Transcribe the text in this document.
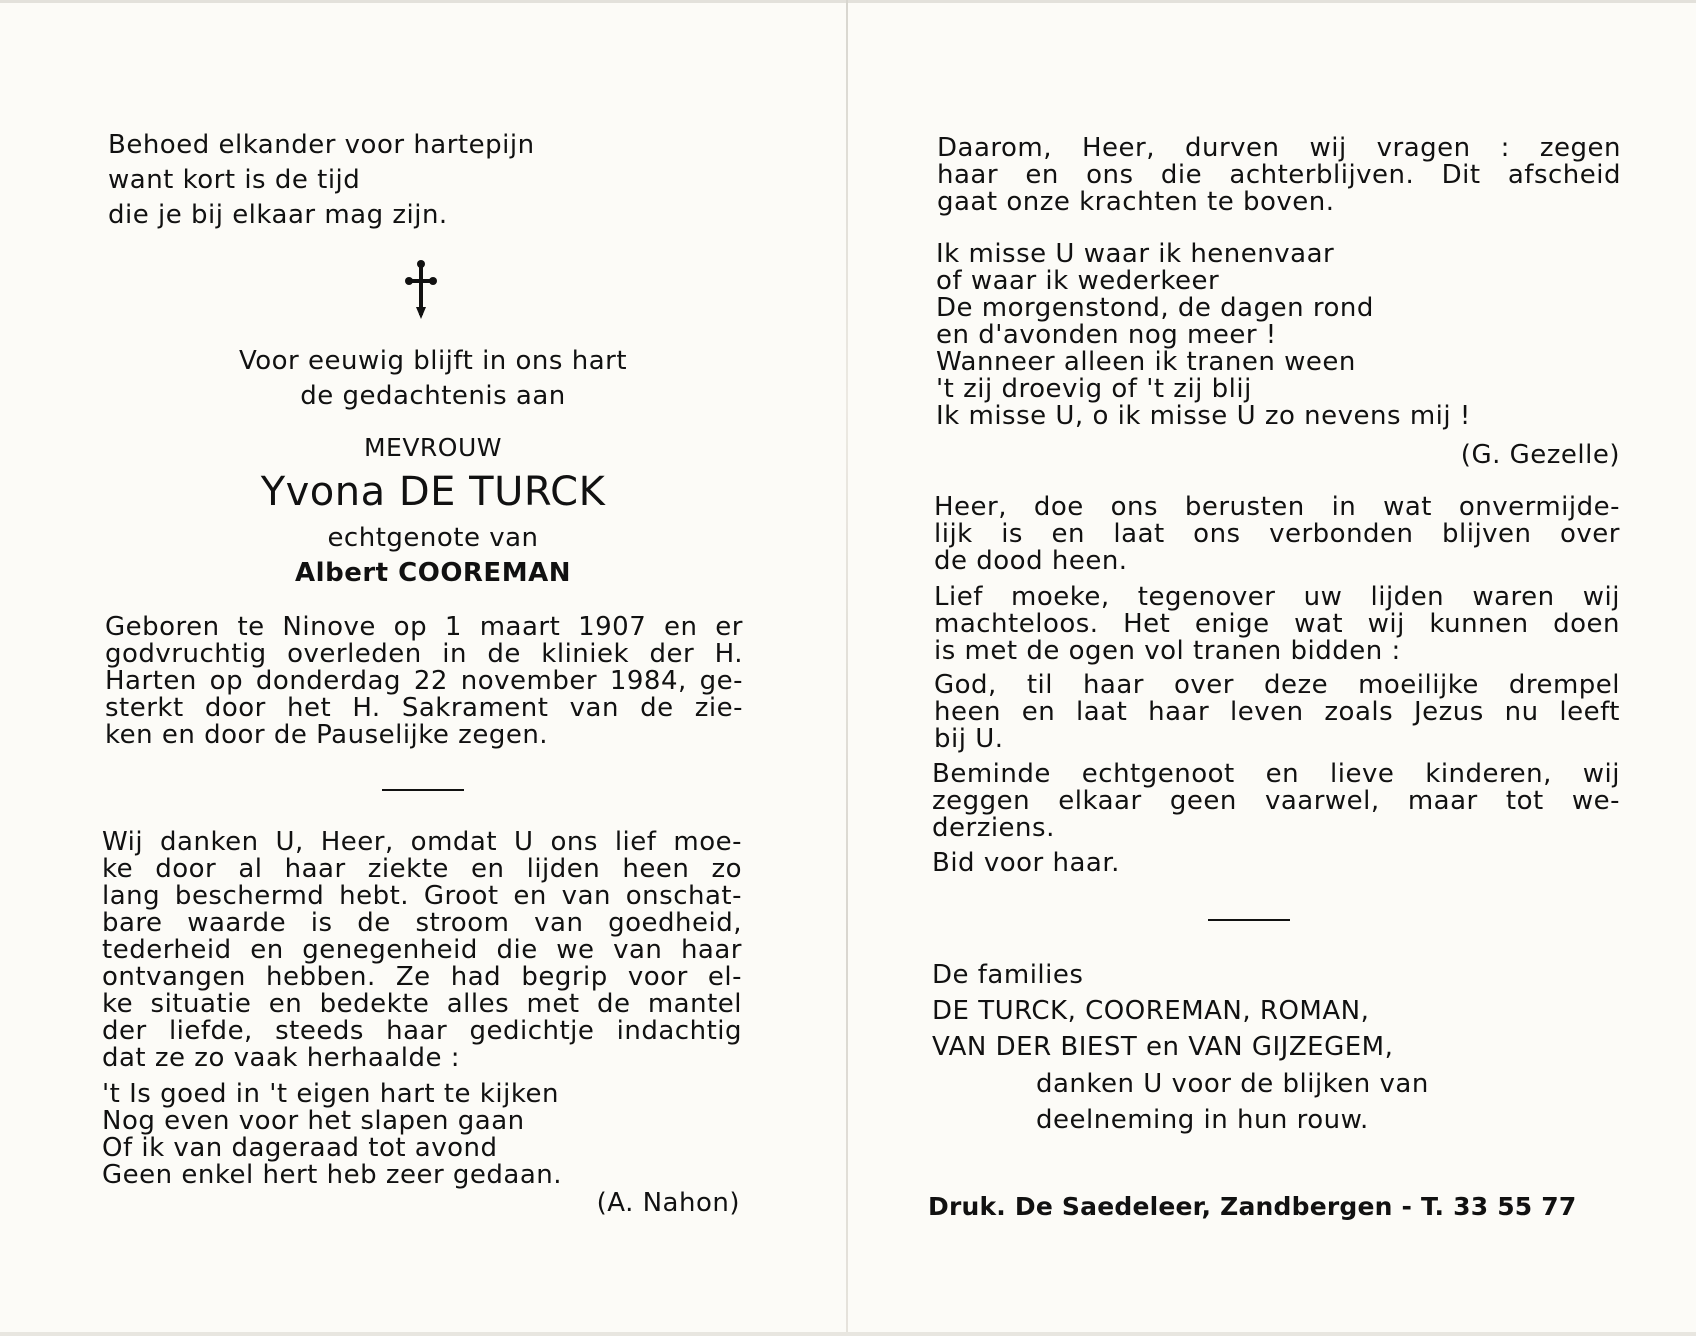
Behoed elkander voor hartepijn
want kort is de tijd
die je bij elkaar mag zijn.
Voor eeuwig blijft in ons hart
de gedachtenis aan
MEVROUW
Yvona DE TURCK
echtgenote van
Albert COOREMAN
Geboren te Ninove op 1 maart 1907 en er
godvruchtig overleden in de kliniek der H.
Harten op donderdag 22 november 1984, ge-
sterkt door het H. Sakrament van de zie-
ken en door de Pauselijke zegen.
Wij danken U, Heer, omdat U ons lief moe-
ke door al haar ziekte en lijden heen zo
lang beschermd hebt. Groot en van onschat-
bare waarde is de stroom van goedheid,
tederheid en genegenheid die we van haar
ontvangen hebben. Ze had begrip voor el-
ke situatie en bedekte alles met de mantel
der liefde, steeds haar gedichtje indachtig
dat ze zo vaak herhaalde :
't Is goed in 't eigen hart te kijken
Nog even voor het slapen gaan
Of ik van dageraad tot avond
Geen enkel hert heb zeer gedaan.
(A. Nahon)
Daarom, Heer, durven wij vragen : zegen
haar en ons die achterblijven. Dit afscheid
gaat onze krachten te boven.
Ik misse U waar ik henenvaar
of waar ik wederkeer
De morgenstond, de dagen rond
en d'avonden nog meer !
Wanneer alleen ik tranen ween
't zij droevig of 't zij blij
Ik misse U, o ik misse U zo nevens mij !
(G. Gezelle)
Heer, doe ons berusten in wat onvermijde-
lijk is en laat ons verbonden blijven over
de dood heen.
Lief moeke, tegenover uw lijden waren wij
machteloos. Het enige wat wij kunnen doen
is met de ogen vol tranen bidden :
God, til haar over deze moeilijke drempel
heen en laat haar leven zoals Jezus nu leeft
bij U.
Beminde echtgenoot en lieve kinderen, wij
zeggen elkaar geen vaarwel, maar tot we-
derziens.
Bid voor haar.
De families
DE TURCK, COOREMAN, ROMAN,
VAN DER BIEST en VAN GIJZEGEM,
danken U voor de blijken van
deelneming in hun rouw.
Druk. De Saedeleer, Zandbergen - T. 33 55 77
